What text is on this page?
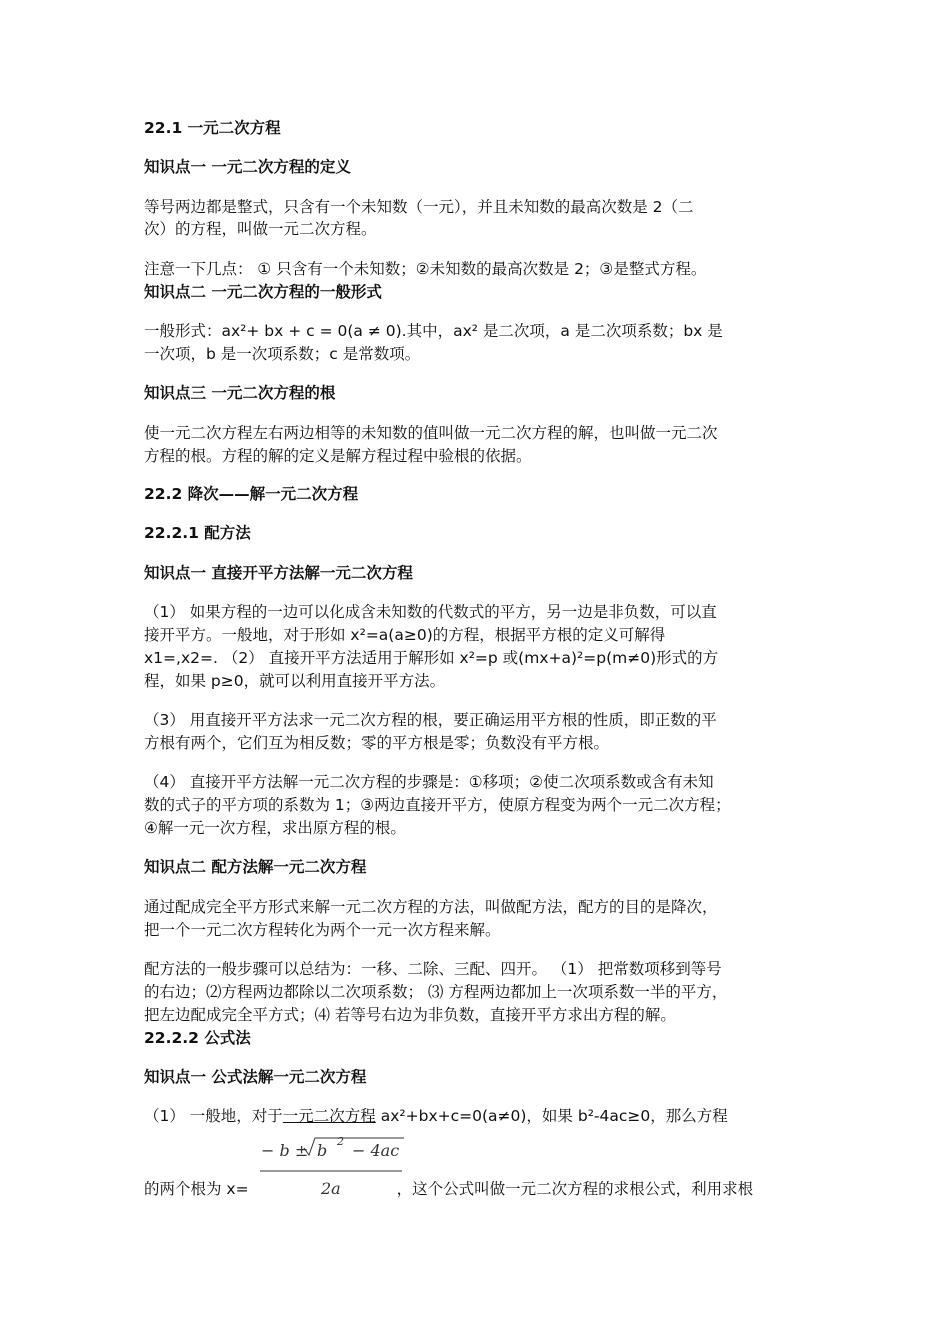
22.1 一元二次方程
知识点一 一元二次方程的定义
等号两边都是整式，只含有一个未知数（一元），并且未知数的最高次数是 2（二
次）的方程，叫做一元二次方程。
注意一下几点： ① 只含有一个未知数；②未知数的最高次数是 2；③是整式方程。
知识点二 一元二次方程的一般形式
一般形式：ax²+ bx + c = 0(a ≠ 0).其中，ax² 是二次项，a 是二次项系数；bx 是
一次项，b 是一次项系数；c 是常数项。
知识点三 一元二次方程的根
使一元二次方程左右两边相等的未知数的值叫做一元二次方程的解，也叫做一元二次
方程的根。方程的解的定义是解方程过程中验根的依据。
22.2 降次——解一元二次方程
22.2.1 配方法
知识点一 直接开平方法解一元二次方程
（1） 如果方程的一边可以化成含未知数的代数式的平方，另一边是非负数，可以直
接开平方。一般地，对于形如 x²=a(a≥0)的方程，根据平方根的定义可解得
x1=,x2=. （2） 直接开平方法适用于解形如 x²=p 或(mx+a)²=p(m≠0)形式的方
程，如果 p≥0，就可以利用直接开平方法。
（3） 用直接开平方法求一元二次方程的根，要正确运用平方根的性质，即正数的平
方根有两个，它们互为相反数；零的平方根是零；负数没有平方根。
（4） 直接开平方法解一元二次方程的步骤是：①移项；②使二次项系数或含有未知
数的式子的平方项的系数为 1；③两边直接开平方，使原方程变为两个一元二次方程；
④解一元一次方程，求出原方程的根。
知识点二 配方法解一元二次方程
通过配成完全平方形式来解一元二次方程的方法，叫做配方法，配方的目的是降次，
把一个一元二次方程转化为两个一元一次方程来解。
配方法的一般步骤可以总结为：一移、二除、三配、四开。 （1） 把常数项移到等号
的右边；⑵方程两边都除以二次项系数； ⑶ 方程两边都加上一次项系数一半的平方，
把左边配成完全平方式；⑷ 若等号右边为非负数，直接开平方求出方程的解。
22.2.2 公式法
知识点一 公式法解一元二次方程
（1） 一般地，对于一元二次方程 ax²+bx+c=0(a≠0)，如果 b²-4ac≥0，那么方程
的两个根为 x=	，这个公式叫做一元二次方程的求根公式，利用求根
− b ± b 2 − 4ac
2a
